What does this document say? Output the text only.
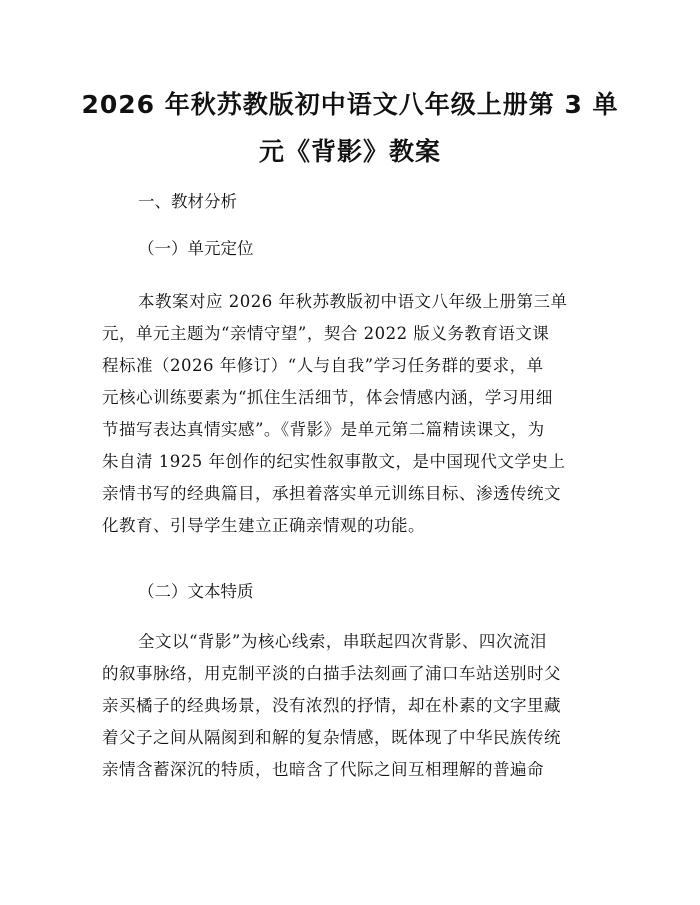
2026 年秋苏教版初中语文八年级上册第 3 单
元《背影》教案
一、教材分析
（一）单元定位
本教案对应 2026 年秋苏教版初中语文八年级上册第三单
元，单元主题为“亲情守望”，契合 2022 版义务教育语文课
程标准（2026 年修订）“人与自我”学习任务群的要求，单
元核心训练要素为“抓住生活细节，体会情感内涵，学习用细
节描写表达真情实感”。《背影》是单元第二篇精读课文，为
朱自清 1925 年创作的纪实性叙事散文，是中国现代文学史上
亲情书写的经典篇目，承担着落实单元训练目标、渗透传统文
化教育、引导学生建立正确亲情观的功能。
（二）文本特质
全文以“背影”为核心线索，串联起四次背影、四次流泪
的叙事脉络，用克制平淡的白描手法刻画了浦口车站送别时父
亲买橘子的经典场景，没有浓烈的抒情，却在朴素的文字里藏
着父子之间从隔阂到和解的复杂情感，既体现了中华民族传统
亲情含蓄深沉的特质，也暗含了代际之间互相理解的普遍命
